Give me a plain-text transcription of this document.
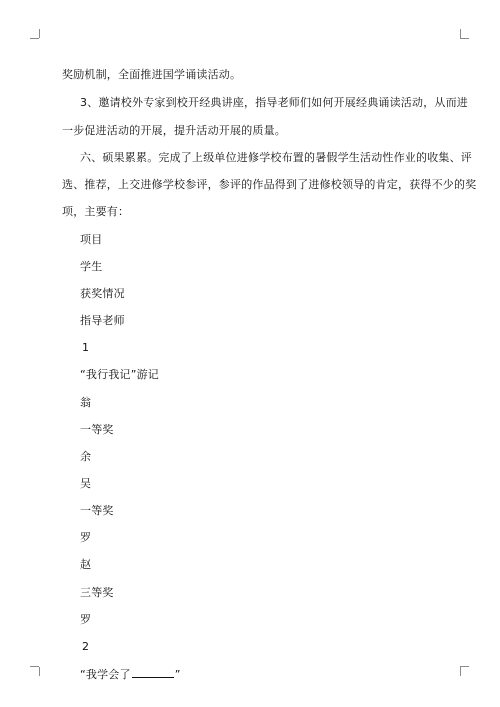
奖励机制，全面推进国学诵读活动。
3、邀请校外专家到校开经典讲座，指导老师们如何开展经典诵读活动，从而进
一步促进活动的开展，提升活动开展的质量。
六、硕果累累。完成了上级单位进修学校布置的暑假学生活动性作业的收集、评
选、推荐，上交进修学校参评，参评的作品得到了进修校领导的肯定，获得不少的奖
项，主要有：
项目
学生
获奖情况
指导老师
1
“我行我记”游记
翁
一等奖
余
吴
一等奖
罗
赵
三等奖
罗
2
“我学会了	”
